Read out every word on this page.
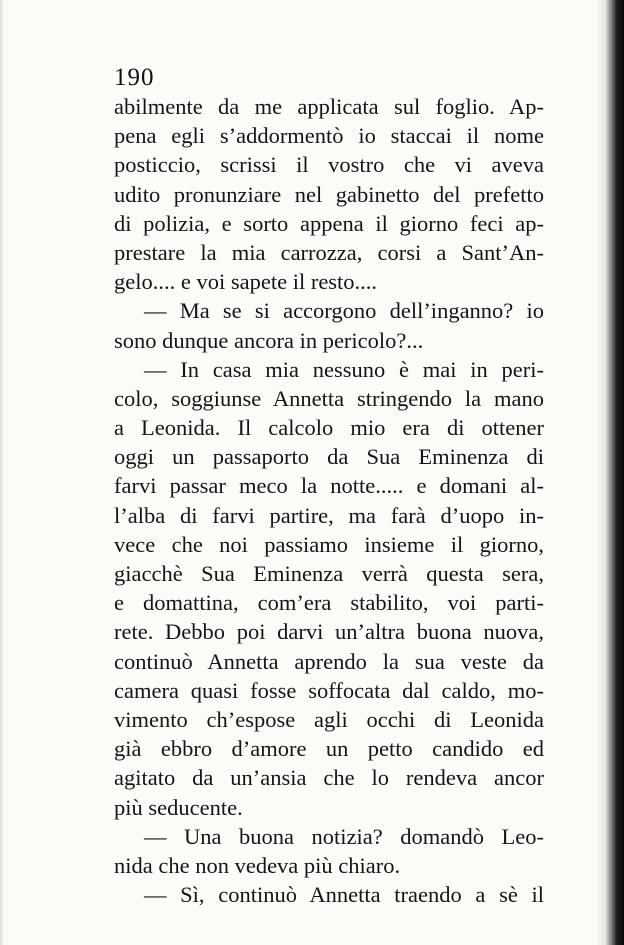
190
abilmente da me applicata sul foglio. Ap-
pena egli s’addormentò io staccai il nome
posticcio, scrissi il vostro che vi aveva
udito pronunziare nel gabinetto del prefetto
di polizia, e sorto appena il giorno feci ap-
prestare la mia carrozza, corsi a Sant’An-
gelo.... e voi sapete il resto....
— Ma se si accorgono dell’inganno? io
sono dunque ancora in pericolo?...
— In casa mia nessuno è mai in peri-
colo, soggiunse Annetta stringendo la mano
a Leonida. Il calcolo mio era di ottener
oggi un passaporto da Sua Eminenza di
farvi passar meco la notte..... e domani al-
l’alba di farvi partire, ma farà d’uopo in-
vece che noi passiamo insieme il giorno,
giacchè Sua Eminenza verrà questa sera,
e domattina, com’era stabilito, voi parti-
rete. Debbo poi darvi un’altra buona nuova,
continuò Annetta aprendo la sua veste da
camera quasi fosse soffocata dal caldo, mo-
vimento ch’espose agli occhi di Leonida
già ebbro d’amore un petto candido ed
agitato da un’ansia che lo rendeva ancor
più seducente.
— Una buona notizia? domandò Leo-
nida che non vedeva più chiaro.
— Sì, continuò Annetta traendo a sè il
